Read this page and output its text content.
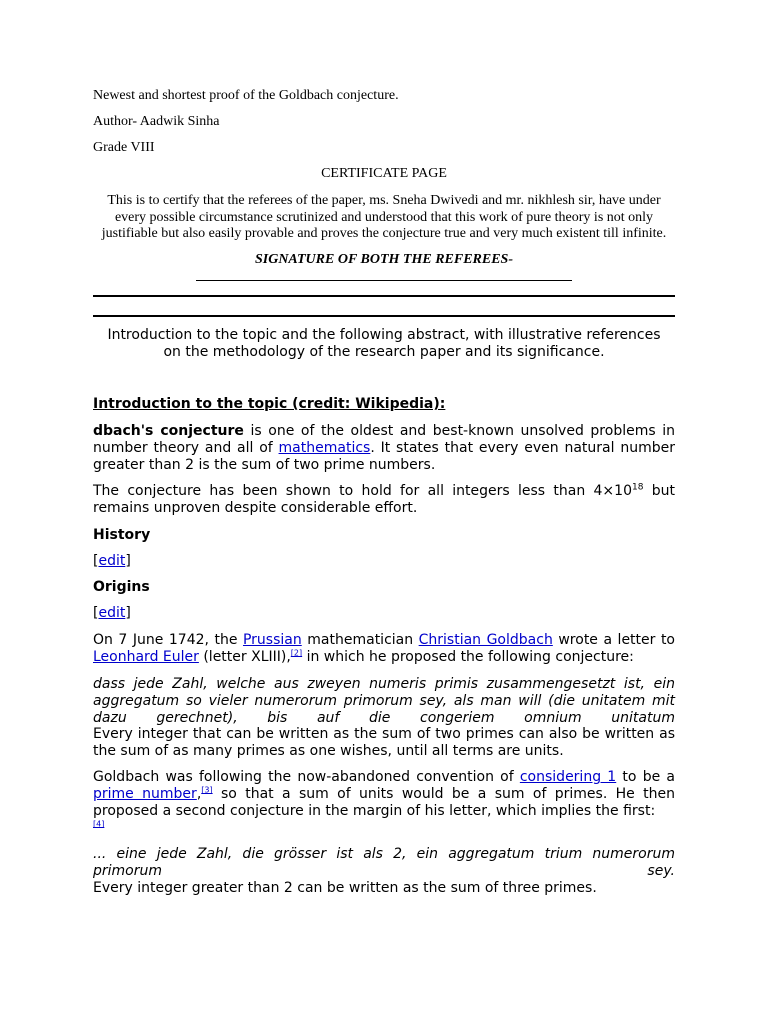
Newest and shortest proof of the Goldbach conjecture.

Author- Aadwik Sinha

Grade VIII

CERTIFICATE PAGE

This is to certify that the referees of the paper, ms. Sneha Dwivedi and mr. nikhlesh sir, have under every possible circumstance scrutinized and understood that this work of pure theory is not only justifiable but also easily provable and proves the conjecture true and very much existent till infinite.

SIGNATURE OF BOTH THE REFEREES-

Introduction to the topic and the following abstract, with illustrative references on the methodology of the research paper and its significance.

Introduction to the topic (credit: Wikipedia):

dbach's conjecture is one of the oldest and best-known unsolved problems in number theory and all of mathematics. It states that every even natural number greater than 2 is the sum of two prime numbers.

The conjecture has been shown to hold for all integers less than $4\times 10^{18}$ but remains unproven despite considerable effort.

History

[edit]

Origins

[edit]

On 7 June 1742, the Prussian mathematician Christian Goldbach wrote a letter to Leonhard Euler (letter XLIII),[2] in which he proposed the following conjecture:

dass jede Zahl, welche aus zweyen numeris primis zusammengesetzt ist, ein aggregatum so vieler numerorum primorum sey, als man will (die unitatem mit dazu gerechnet), bis auf die congeriem omnium unitatum

Every integer that can be written as the sum of two primes can also be written as the sum of as many primes as one wishes, until all terms are units.

Goldbach was following the now-abandoned convention of considering 1 to be a prime number,[3] so that a sum of units would be a sum of primes. He then proposed a second conjecture in the margin of his letter, which implies the first:
[4]

... eine jede Zahl, die grösser ist als 2, ein aggregatum trium numerorum primorum sey.

Every integer greater than 2 can be written as the sum of three primes.
